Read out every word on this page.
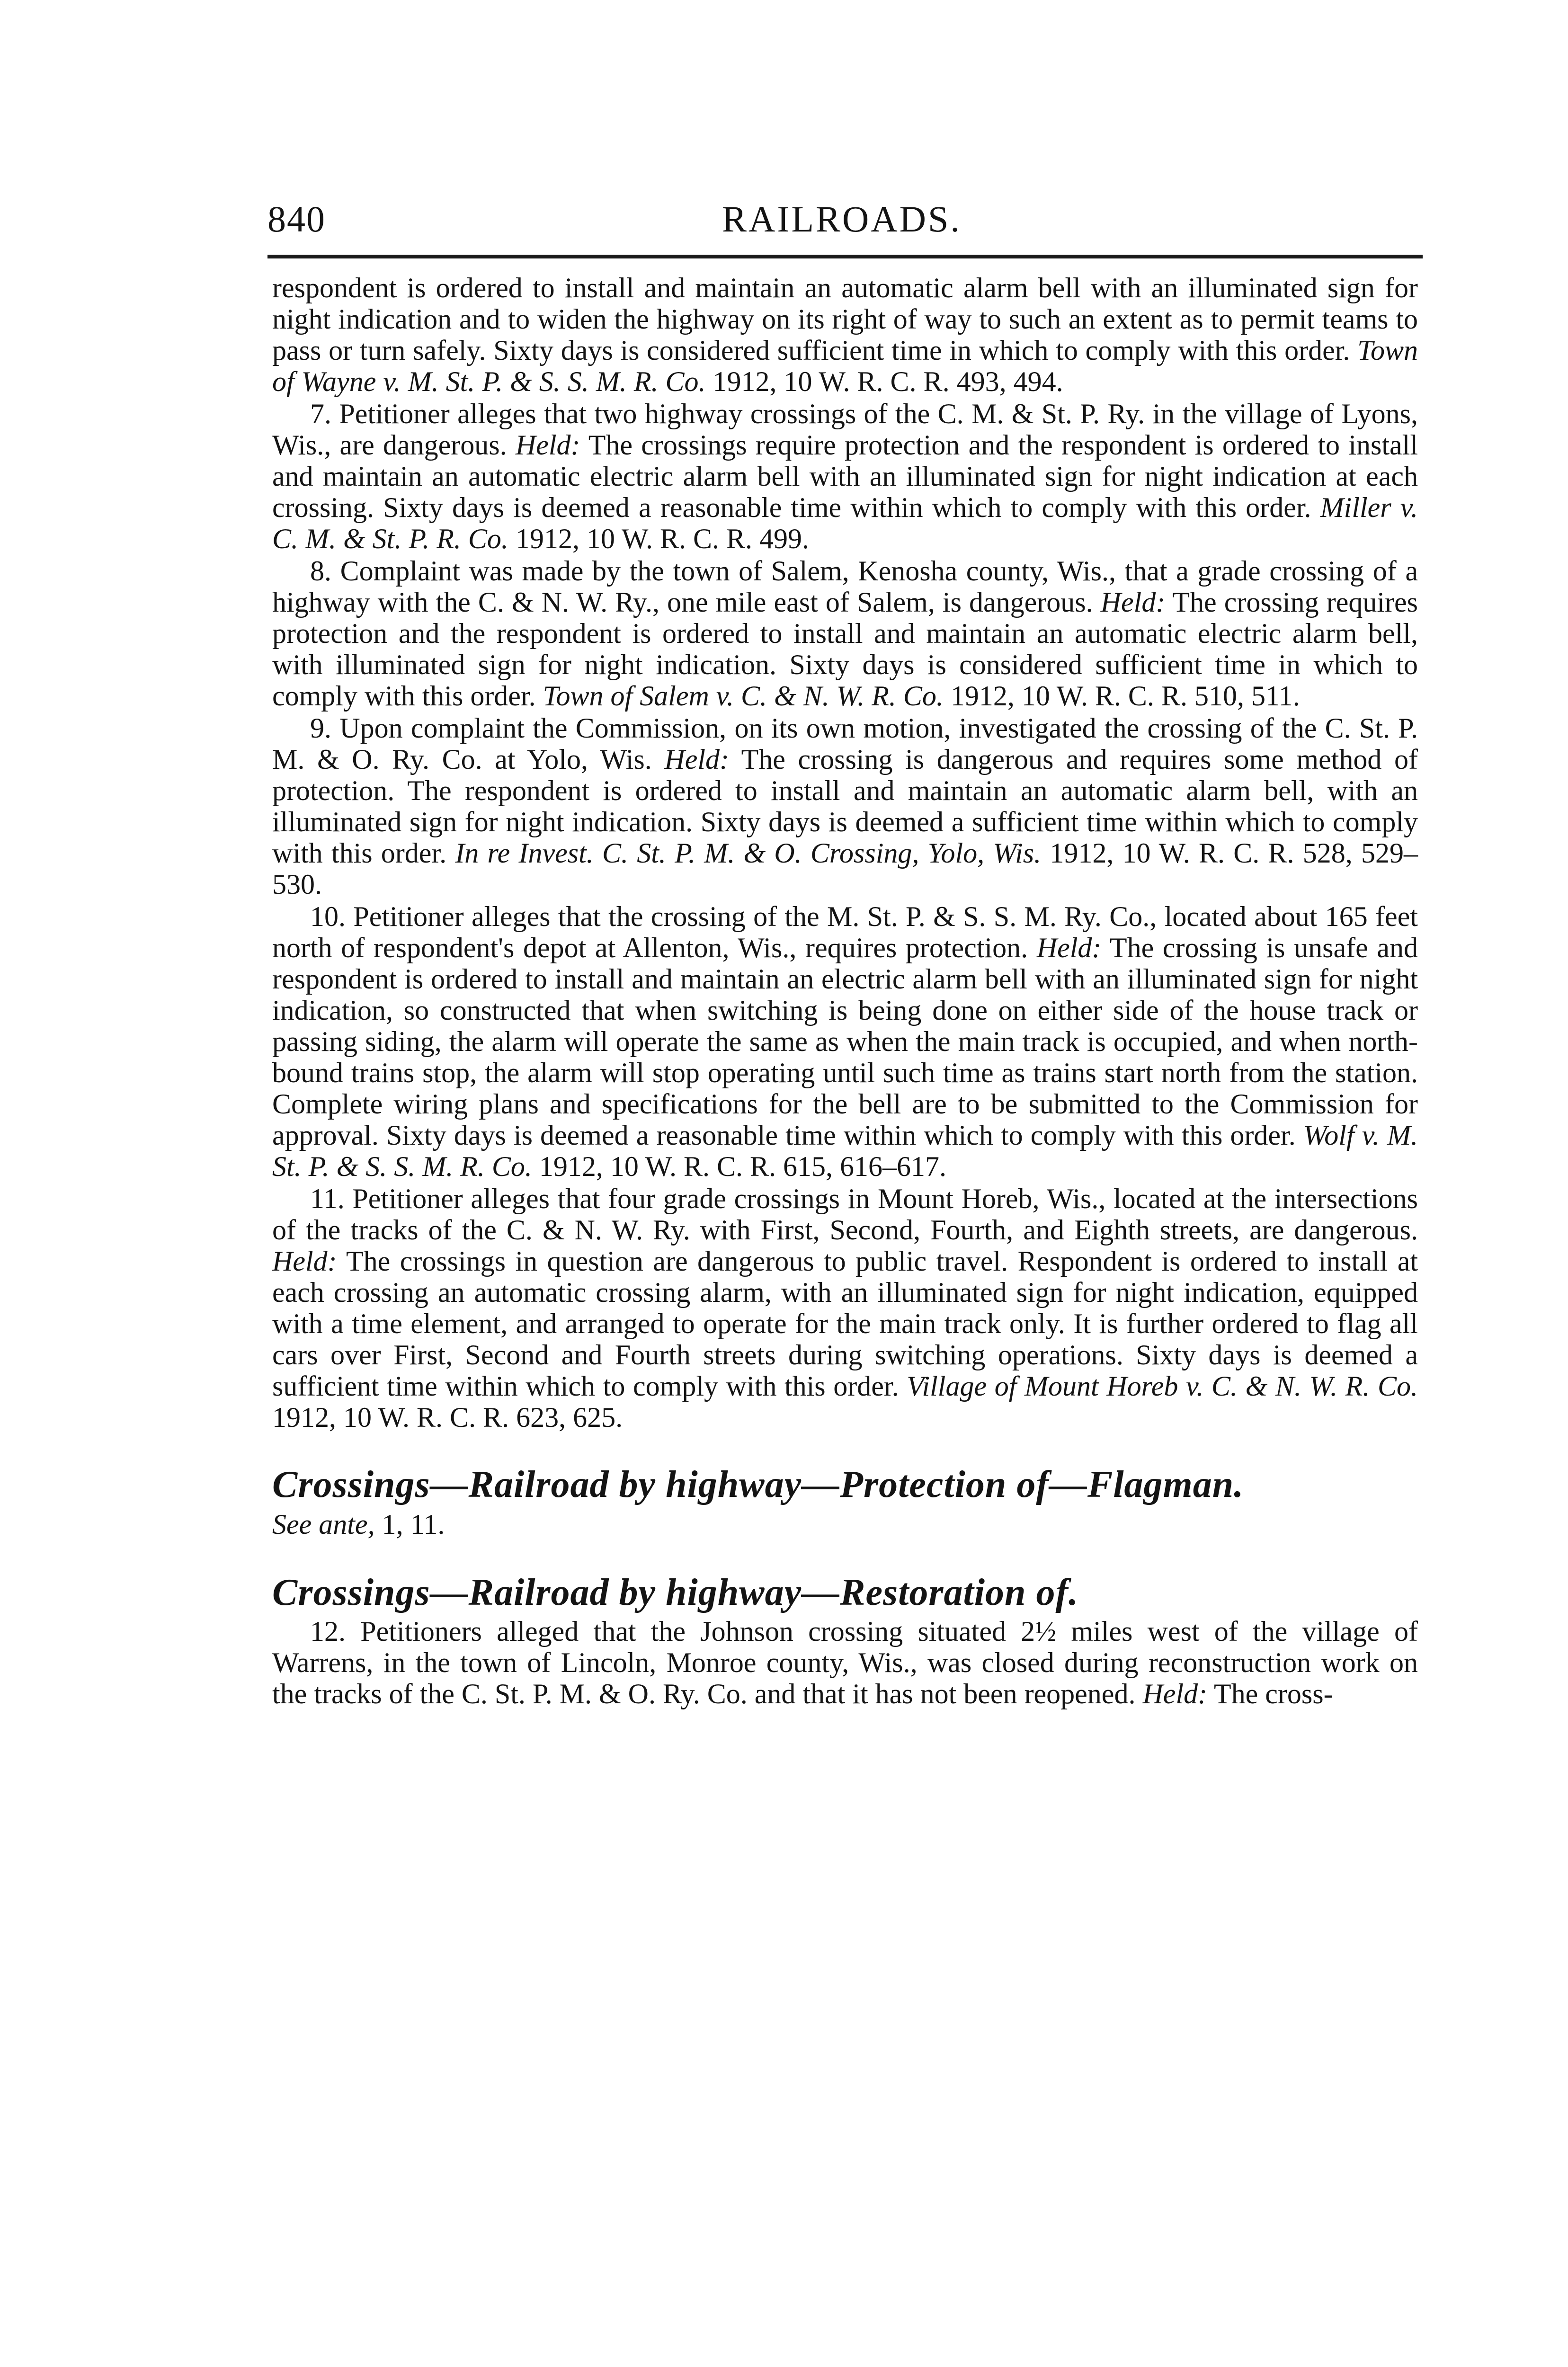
840	RAILROADS.

respondent is ordered to install and maintain an automatic alarm bell with an illuminated sign for night indication and to widen the highway on its right of way to such an extent as to permit teams to pass or turn safely. Sixty days is considered sufficient time in which to comply with this order. Town of Wayne v. M. St. P. & S. S. M. R. Co. 1912, 10 W. R. C. R. 493, 494.

7. Petitioner alleges that two highway crossings of the C. M. & St. P. Ry. in the village of Lyons, Wis., are dangerous. Held: The crossings require protection and the respondent is ordered to install and maintain an automatic electric alarm bell with an illuminated sign for night indication at each crossing. Sixty days is deemed a reasonable time within which to comply with this order. Miller v. C. M. & St. P. R. Co. 1912, 10 W. R. C. R. 499.

8. Complaint was made by the town of Salem, Kenosha county, Wis., that a grade crossing of a highway with the C. & N. W. Ry., one mile east of Salem, is dangerous. Held: The crossing requires protection and the respondent is ordered to install and maintain an automatic electric alarm bell, with illuminated sign for night indication. Sixty days is considered sufficient time in which to comply with this order. Town of Salem v. C. & N. W. R. Co. 1912, 10 W. R. C. R. 510, 511.

9. Upon complaint the Commission, on its own motion, investigated the crossing of the C. St. P. M. & O. Ry. Co. at Yolo, Wis. Held: The crossing is dangerous and requires some method of protection. The respondent is ordered to install and maintain an automatic alarm bell, with an illuminated sign for night indication. Sixty days is deemed a sufficient time within which to comply with this order. In re Invest. C. St. P. M. & O. Crossing, Yolo, Wis. 1912, 10 W. R. C. R. 528, 529–530.

10. Petitioner alleges that the crossing of the M. St. P. & S. S. M. Ry. Co., located about 165 feet north of respondent's depot at Allenton, Wis., requires protection. Held: The crossing is unsafe and respondent is ordered to install and maintain an electric alarm bell with an illuminated sign for night indication, so constructed that when switching is being done on either side of the house track or passing siding, the alarm will operate the same as when the main track is occupied, and when north-bound trains stop, the alarm will stop operating until such time as trains start north from the station. Complete wiring plans and specifications for the bell are to be submitted to the Commission for approval. Sixty days is deemed a reasonable time within which to comply with this order. Wolf v. M. St. P. & S. S. M. R. Co. 1912, 10 W. R. C. R. 615, 616–617.

11. Petitioner alleges that four grade crossings in Mount Horeb, Wis., located at the intersections of the tracks of the C. & N. W. Ry. with First, Second, Fourth, and Eighth streets, are dangerous. Held: The crossings in question are dangerous to public travel. Respondent is ordered to install at each crossing an automatic crossing alarm, with an illuminated sign for night indication, equipped with a time element, and arranged to operate for the main track only. It is further ordered to flag all cars over First, Second and Fourth streets during switching operations. Sixty days is deemed a sufficient time within which to comply with this order. Village of Mount Horeb v. C. & N. W. R. Co. 1912, 10 W. R. C. R. 623, 625.

Crossings—Railroad by highway—Protection of—Flagman.

See ante, 1, 11.

Crossings—Railroad by highway—Restoration of.

12. Petitioners alleged that the Johnson crossing situated 2½ miles west of the village of Warrens, in the town of Lincoln, Monroe county, Wis., was closed during reconstruction work on the tracks of the C. St. P. M. & O. Ry. Co. and that it has not been reopened. Held: The cross-
